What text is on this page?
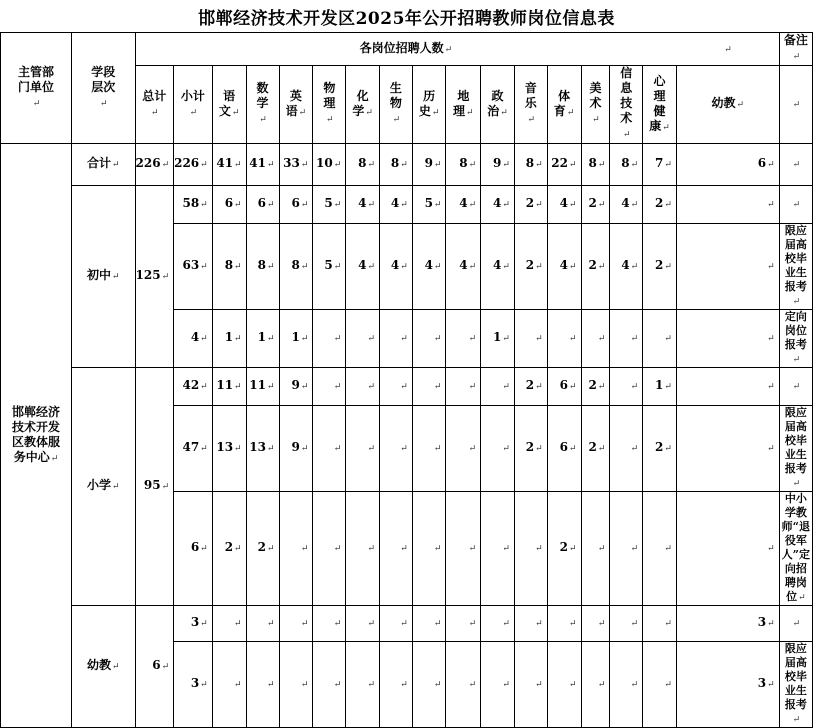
邯郸经济技术开发区2025年公开招聘教师岗位信息表
主管部门单位↵	学段层次↵	各岗位招聘人数↵																↵	备注↵
		总计↵	小计↵	语文↵	数学↵	英语↵	物理↵	化学↵	生物↵	历史↵	地理↵	政治↵	音乐↵	体育↵	美术↵	信息技术↵	心理健康↵	幼教↵	↵
邯郸经济技术开发区教体服务中心↵	合计↵	226↵	226↵	41↵	41↵	33↵	10↵	8↵	8↵	9↵	8↵	9↵	8↵	22↵	8↵	8↵	7↵	6↵	↵
	初中↵	125↵	58↵	6↵	6↵	6↵	5↵	4↵	4↵	5↵	4↵	4↵	2↵	4↵	2↵	4↵	2↵	↵	↵
			63↵	8↵	8↵	8↵	5↵	4↵	4↵	4↵	4↵	4↵	2↵	4↵	2↵	4↵	2↵	↵	限应届高校毕业生报考↵
			4↵	1↵	1↵	1↵	↵	↵	↵	↵	↵	1↵	↵	↵	↵	↵	↵	↵	定向岗位报考↵
	小学↵	95↵	42↵	11↵	11↵	9↵	↵	↵	↵	↵	↵	↵	2↵	6↵	2↵	↵	1↵	↵	↵
			47↵	13↵	13↵	9↵	↵	↵	↵	↵	↵	↵	2↵	6↵	2↵	↵	2↵	↵	限应届高校毕业生报考↵
			6↵	2↵	2↵	↵	↵	↵	↵	↵	↵	↵	↵	2↵	↵	↵	↵	↵	中小学教师“退役军人”定向招聘岗位↵
	幼教↵	6↵	3↵	↵	↵	↵	↵	↵	↵	↵	↵	↵	↵	↵	↵	↵	↵	3↵	↵
			3↵	↵	↵	↵	↵	↵	↵	↵	↵	↵	↵	↵	↵	↵	↵	3↵	限应届高校毕业生报考↵
